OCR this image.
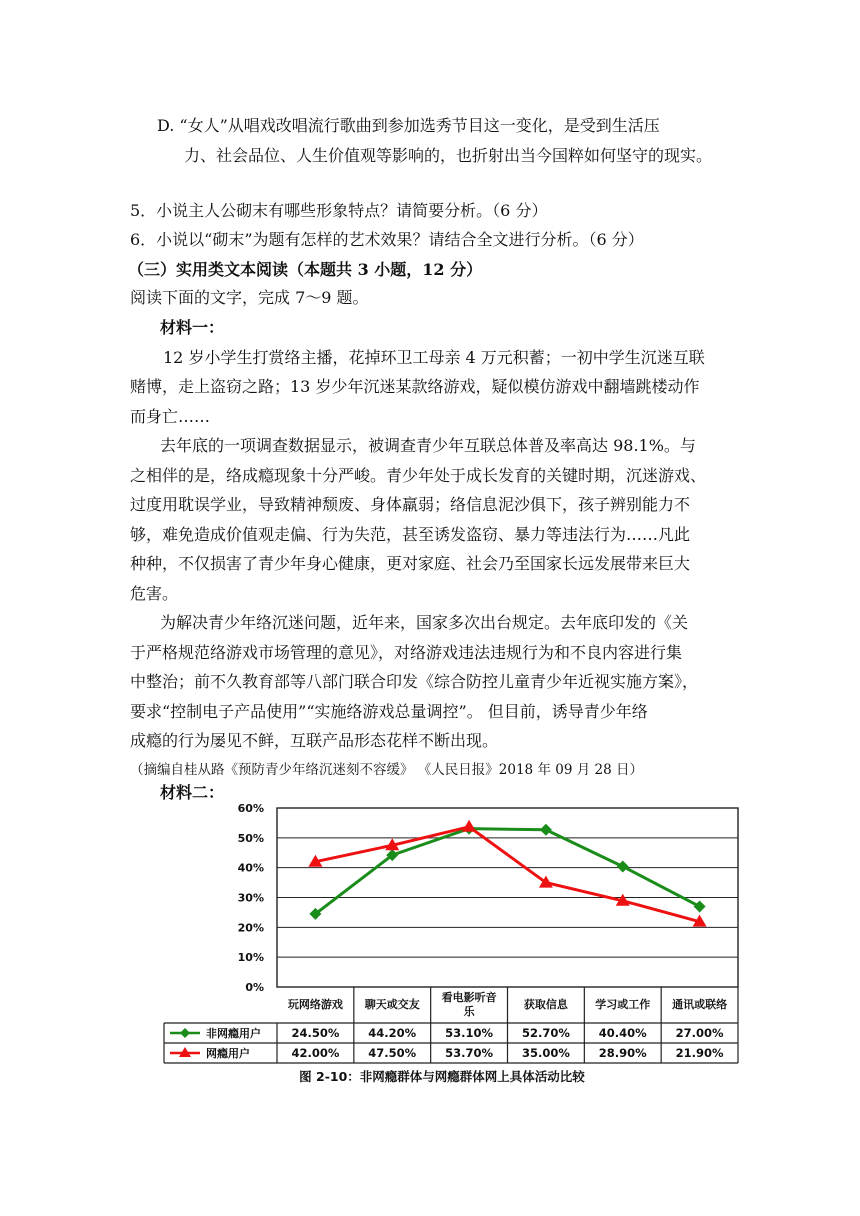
D. “女人”从唱戏改唱流行歌曲到参加选秀节目这一变化，是受到生活压
力、社会品位、人生价值观等影响的，也折射出当今国粹如何坚守的现实。
5．小说主人公砌末有哪些形象特点？请简要分析。（6 分）
6．小说以“砌末”为题有怎样的艺术效果？请结合全文进行分析。（6 分）
（三）实用类文本阅读（本题共 3 小题，12 分）
阅读下面的文字，完成 7～9 题。
材料一：
12 岁小学生打赏络主播，花掉环卫工母亲 4 万元积蓄；一初中学生沉迷互联
赌博，走上盗窃之路；13 岁少年沉迷某款络游戏，疑似模仿游戏中翻墙跳楼动作
而身亡……
去年底的一项调查数据显示，被调查青少年互联总体普及率高达 98.1%。与
之相伴的是，络成瘾现象十分严峻。青少年处于成长发育的关键时期，沉迷游戏、
过度用耽误学业，导致精神颓废、身体羸弱；络信息泥沙俱下，孩子辨别能力不
够，难免造成价值观走偏、行为失范，甚至诱发盗窃、暴力等违法行为……凡此
种种，不仅损害了青少年身心健康，更对家庭、社会乃至国家长远发展带来巨大
危害。
为解决青少年络沉迷问题，近年来，国家多次出台规定。去年底印发的《关
于严格规范络游戏市场管理的意见》，对络游戏违法违规行为和不良内容进行集
中整治；前不久教育部等八部门联合印发《综合防控儿童青少年近视实施方案》，
要求“控制电子产品使用”“实施络游戏总量调控”。 但目前，诱导青少年络
成瘾的行为屡见不鲜，互联产品形态花样不断出现。
（摘编自桂从路《预防青少年络沉迷刻不容缓》 《人民日报》2018 年 09 月 28 日）
材料二：
60%
50%
40%
30%
20%
10%
0%
玩网络游戏 聊天或交友
看电影听音乐
获取信息 学习或工作 通讯或联络
非网瘾用户	24.50%	44.20%	53.10%	52.70%	40.40%	27.00%
网瘾用户	42.00%	47.50%	53.70%	35.00%	28.90%	21.90%
图 2-10：非网瘾群体与网瘾群体网上具体活动比较
